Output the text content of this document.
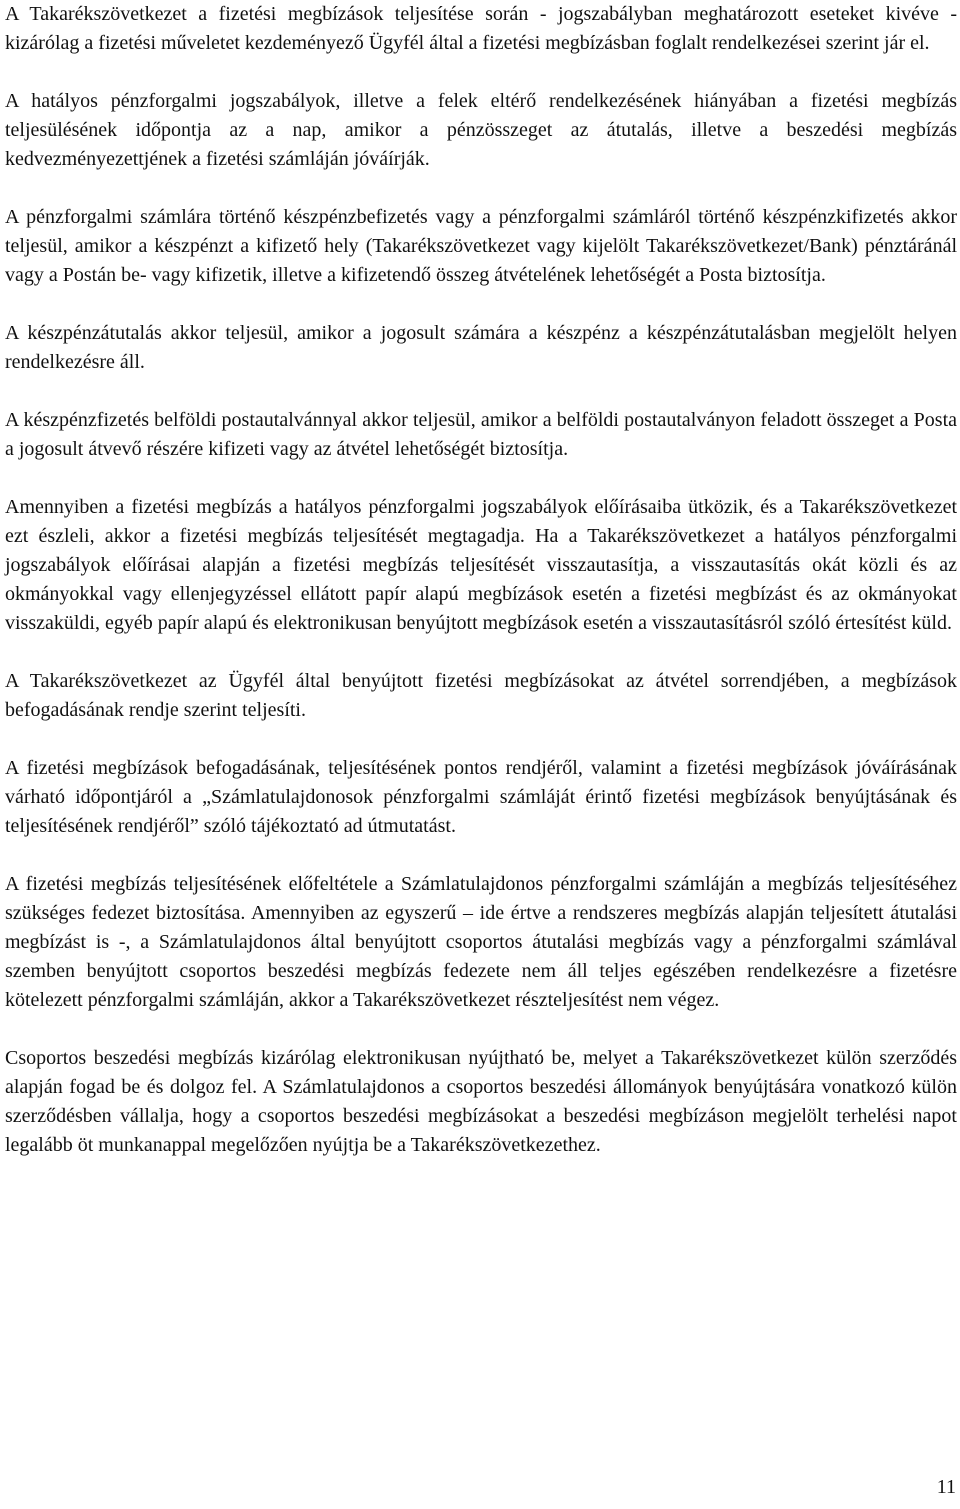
A Takarékszövetkezet a fizetési megbízások teljesítése során - jogszabályban meghatározott eseteket kivéve - kizárólag a fizetési műveletet kezdeményező Ügyfél által a fizetési megbízásban foglalt rendelkezései szerint jár el.

A hatályos pénzforgalmi jogszabályok, illetve a felek eltérő rendelkezésének hiányában a fizetési megbízás teljesülésének időpontja az a nap, amikor a pénzösszeget az átutalás, illetve a beszedési megbízás kedvezményezettjének a fizetési számláján jóváírják.

A pénzforgalmi számlára történő készpénzbefizetés vagy a pénzforgalmi számláról történő készpénzkifizetés akkor teljesül, amikor a készpénzt a kifizető hely (Takarékszövetkezet vagy kijelölt Takarékszövetkezet/Bank) pénztáránál vagy a Postán be- vagy kifizetik, illetve a kifizetendő összeg átvételének lehetőségét a Posta biztosítja.

A készpénzátutalás akkor teljesül, amikor a jogosult számára a készpénz a készpénzátutalásban megjelölt helyen rendelkezésre áll.

A készpénzfizetés belföldi postautalvánnyal akkor teljesül, amikor a belföldi postautalványon feladott összeget a Posta a jogosult átvevő részére kifizeti vagy az átvétel lehetőségét biztosítja.

Amennyiben a fizetési megbízás a hatályos pénzforgalmi jogszabályok előírásaiba ütközik, és a Takarékszövetkezet ezt észleli, akkor a fizetési megbízás teljesítését megtagadja. Ha a Takarékszövetkezet a hatályos pénzforgalmi jogszabályok előírásai alapján a fizetési megbízás teljesítését visszautasítja, a visszautasítás okát közli és az okmányokkal vagy ellenjegyzéssel ellátott papír alapú megbízások esetén a fizetési megbízást és az okmányokat visszaküldi, egyéb papír alapú és elektronikusan benyújtott megbízások esetén a visszautasításról szóló értesítést küld.

A Takarékszövetkezet az Ügyfél által benyújtott fizetési megbízásokat az átvétel sorrendjében, a megbízások befogadásának rendje szerint teljesíti.

A fizetési megbízások befogadásának, teljesítésének pontos rendjéről, valamint a fizetési megbízások jóváírásának várható időpontjáról a „Számlatulajdonosok pénzforgalmi számláját érintő fizetési megbízások benyújtásának és teljesítésének rendjéről” szóló tájékoztató ad útmutatást.

A fizetési megbízás teljesítésének előfeltétele a Számlatulajdonos pénzforgalmi számláján a megbízás teljesítéséhez szükséges fedezet biztosítása. Amennyiben az egyszerű – ide értve a rendszeres megbízás alapján teljesített átutalási megbízást is -, a Számlatulajdonos által benyújtott csoportos átutalási megbízás vagy a pénzforgalmi számlával szemben benyújtott csoportos beszedési megbízás fedezete nem áll teljes egészében rendelkezésre a fizetésre kötelezett pénzforgalmi számláján, akkor a Takarékszövetkezet részteljesítést nem végez.

Csoportos beszedési megbízás kizárólag elektronikusan nyújtható be, melyet a Takarékszövetkezet külön szerződés alapján fogad be és dolgoz fel. A Számlatulajdonos a csoportos beszedési állományok benyújtására vonatkozó külön szerződésben vállalja, hogy a csoportos beszedési megbízásokat a beszedési megbízáson megjelölt terhelési napot legalább öt munkanappal megelőzően nyújtja be a Takarékszövetkezethez.

11
